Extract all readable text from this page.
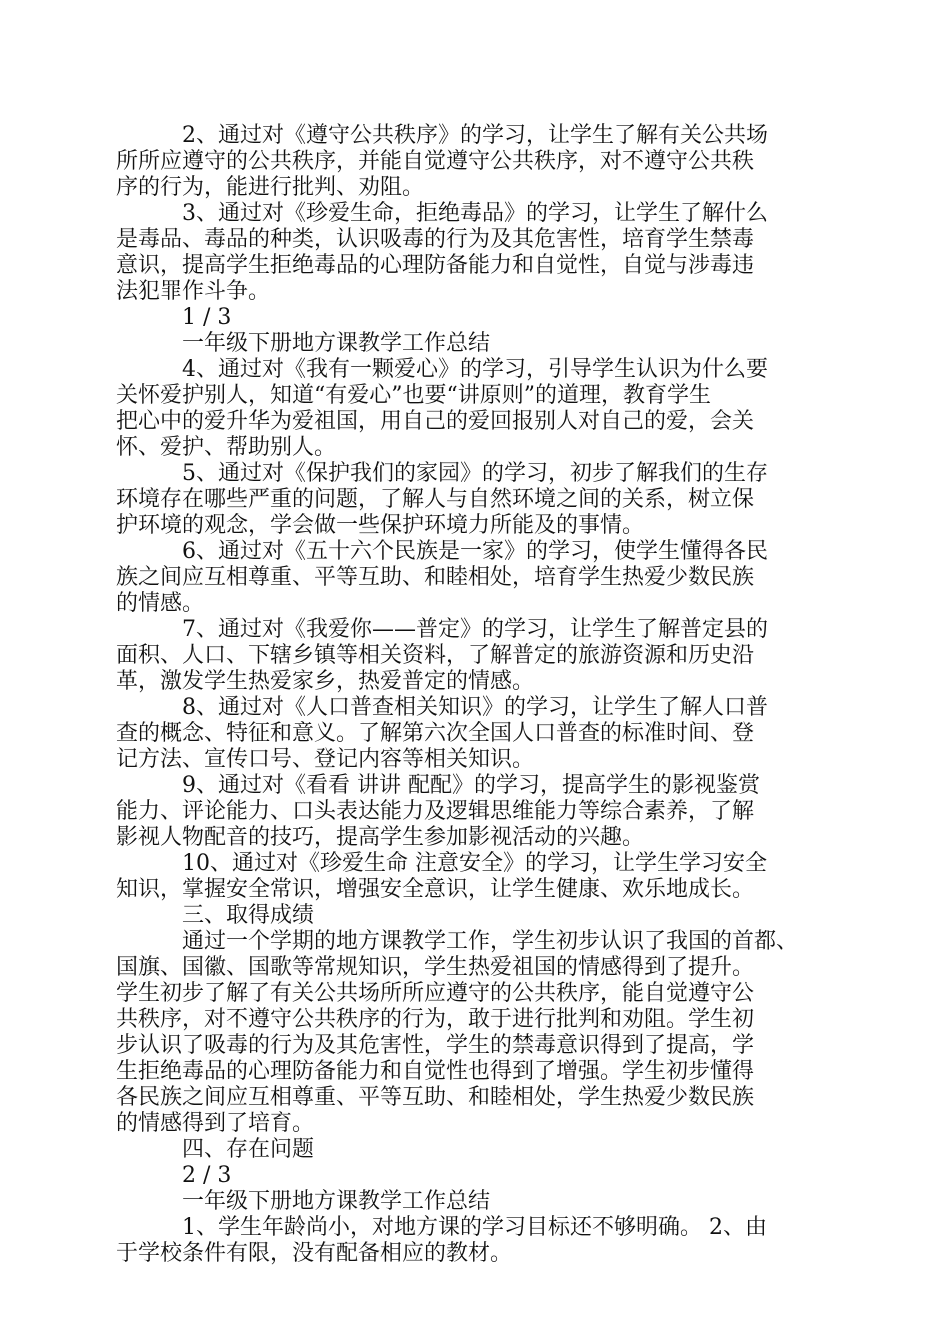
　　　2、通过对《遵守公共秩序》的学习，让学生了解有关公共场
所所应遵守的公共秩序，并能自觉遵守公共秩序，对不遵守公共秩
序的行为，能进行批判、劝阻。
　　　3、通过对《珍爱生命，拒绝毒品》的学习，让学生了解什么
是毒品、毒品的种类，认识吸毒的行为及其危害性，培育学生禁毒
意识，提高学生拒绝毒品的心理防备能力和自觉性，自觉与涉毒违
法犯罪作斗争。
　　　1 / 3
　　　一年级下册地方课教学工作总结
　　　4、通过对《我有一颗爱心》的学习，引导学生认识为什么要
关怀爱护别人，知道“有爱心”也要“讲原则”的道理，教育学生
把心中的爱升华为爱祖国，用自己的爱回报别人对自己的爱，会关
怀、爱护、帮助别人。
　　　5、通过对《保护我们的家园》的学习，初步了解我们的生存
环境存在哪些严重的问题，了解人与自然环境之间的关系，树立保
护环境的观念，学会做一些保护环境力所能及的事情。
　　　6、通过对《五十六个民族是一家》的学习，使学生懂得各民
族之间应互相尊重、平等互助、和睦相处，培育学生热爱少数民族
的情感。
　　　7、通过对《我爱你——普定》的学习，让学生了解普定县的
面积、人口、下辖乡镇等相关资料，了解普定的旅游资源和历史沿
革，激发学生热爱家乡，热爱普定的情感。
　　　8、通过对《人口普查相关知识》的学习，让学生了解人口普
查的概念、特征和意义。了解第六次全国人口普查的标准时间、登
记方法、宣传口号、登记内容等相关知识。
　　　9、通过对《看看 讲讲 配配》的学习，提高学生的影视鉴赏
能力、评论能力、口头表达能力及逻辑思维能力等综合素养，了解
影视人物配音的技巧，提高学生参加影视活动的兴趣。
　　　10、通过对《珍爱生命 注意安全》的学习，让学生学习安全
知识，掌握安全常识，增强安全意识，让学生健康、欢乐地成长。
　　　三、取得成绩
　　　通过一个学期的地方课教学工作，学生初步认识了我国的首都、
国旗、国徽、国歌等常规知识，学生热爱祖国的情感得到了提升。
学生初步了解了有关公共场所所应遵守的公共秩序，能自觉遵守公
共秩序，对不遵守公共秩序的行为，敢于进行批判和劝阻。学生初
步认识了吸毒的行为及其危害性，学生的禁毒意识得到了提高，学
生拒绝毒品的心理防备能力和自觉性也得到了增强。学生初步懂得
各民族之间应互相尊重、平等互助、和睦相处，学生热爱少数民族
的情感得到了培育。
　　　四、存在问题
　　　2 / 3
　　　一年级下册地方课教学工作总结
　　　1、学生年龄尚小，对地方课的学习目标还不够明确。 2、由
于学校条件有限，没有配备相应的教材。
